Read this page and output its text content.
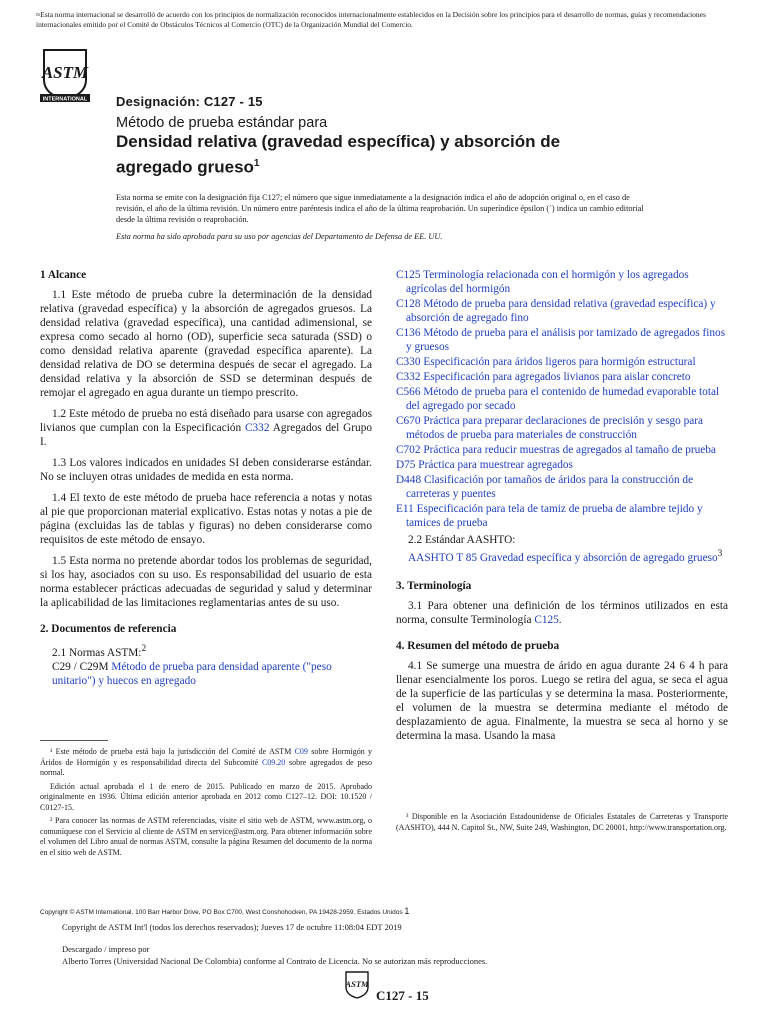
≈Esta norma internacional se desarrolló de acuerdo con los principios de normalización reconocidos internacionalmente establecidos en la Decisión sobre los principios para el desarrollo de normas, guías y recomendaciones internacionales emitido por el Comité de Obstáculos Técnicos al Comercio (OTC) de la Organización Mundial del Comercio.
ASTM
INTERNATIONAL Designación: C127 - 15
Método de prueba estándar para
Densidad relativa (gravedad específica) y absorción de agregado grueso$^1$
Esta norma se emite con la designación fija C127; el número que sigue inmediatamente a la designación indica el año de adopción original o, en el caso de revisión, el año de la última revisión. Un número entre paréntesis indica el año de la última reaprobación. Un superíndice épsilon (´) indica un cambio editorial desde la última revisión o reaprobación.
Esta norma ha sido aprobada para su uso por agencias del Departamento de Defensa de EE. UU.
1 Alcance

1.1 Este método de prueba cubre la determinación de la densidad relativa (gravedad específica) y la absorción de agregados gruesos. La densidad relativa (gravedad específica), una cantidad adimensional, se expresa como secado al horno (OD), superficie seca saturada (SSD) o como densidad relativa aparente (gravedad específica aparente). La densidad relativa de DO se determina después de secar el agregado. La densidad relativa y la absorción de SSD se determinan después de remojar el agregado en agua durante un tiempo prescrito.

1.2 Este método de prueba no está diseñado para usarse con agregados livianos que cumplan con la Especificación C332 Agregados del Grupo I.

1.3 Los valores indicados en unidades SI deben considerarse estándar. No se incluyen otras unidades de medida en esta norma.

1.4 El texto de este método de prueba hace referencia a notas y notas al pie que proporcionan material explicativo. Estas notas y notas a pie de página (excluidas las de tablas y figuras) no deben considerarse como requisitos de este método de ensayo.

1.5 Esta norma no pretende abordar todos los problemas de seguridad, si los hay, asociados con su uso. Es responsabilidad del usuario de esta norma establecer prácticas adecuadas de seguridad y salud y determinar la aplicabilidad de las limitaciones reglamentarias antes de su uso.

2. Documentos de referencia
2.1 Normas ASTM:$^2$
C29 / C29M Método de prueba para densidad aparente ("peso unitario") y huecos en agregado
C125 Terminología relacionada con el hormigón y los agregados agrícolas del hormigón
C128 Método de prueba para densidad relativa (gravedad específica) y absorción de agregado fino
C136 Método de prueba para el análisis por tamizado de agregados finos y gruesos
C330 Especificación para áridos ligeros para hormigón estructural
C332 Especificación para agregados livianos para aislar concreto
C566 Método de prueba para el contenido de humedad evaporable total del agregado por secado
C670 Práctica para preparar declaraciones de precisión y sesgo para métodos de prueba para materiales de construcción
C702 Práctica para reducir muestras de agregados al tamaño de prueba
D75 Práctica para muestrear agregados
D448 Clasificación por tamaños de áridos para la construcción de carreteras y puentes
E11 Especificación para tela de tamiz de prueba de alambre tejido y tamices de prueba
2.2 Estándar AASHTO:
AASHTO T 85 Gravedad específica y absorción de agregado grueso$^3$
3. Terminología

3.1 Para obtener una definición de los términos utilizados en esta norma, consulte Terminología C125.

4. Resumen del método de prueba

4.1 Se sumerge una muestra de árido en agua durante 24 6 4 h para llenar esencialmente los poros. Luego se retira del agua, se seca el agua de la superficie de las partículas y se determina la masa. Posteriormente, el volumen de la muestra se determina mediante el método de desplazamiento de agua. Finalmente, la muestra se seca al horno y se determina la masa. Usando la masa

¹ Este método de prueba está bajo la jurisdicción del Comité de ASTM C09 sobre Hormigón y Áridos de Hormigón y es responsabilidad directa del Subcomité C09.20 sobre agregados de peso normal.

Edición actual aprobada el 1 de enero de 2015. Publicado en marzo de 2015. Aprobado originalmente en 1936. Última edición anterior aprobada en 2012 como C127–12. DOI: 10.1520 / C0127-15.

² Para conocer las normas de ASTM referenciadas, visite el sitio web de ASTM, www.astm.org, o comuníquese con el Servicio al cliente de ASTM en service@astm.org. Para obtener información sobre el volumen del Libro anual de normas ASTM, consulte la página Resumen del documento de la norma en el sitio web de ASTM.

³ Disponible en la Asociación Estadounidense de Oficiales Estatales de Carreteras y Transporte (AASHTO), 444 N. Capitol St., NW, Suite 249, Washington, DC 20001, http://www.transportation.org.

Copyright © ASTM International, 100 Barr Harbor Drive, PO Box C700, West Conshohocken, PA 19428-2959. Estados Unidos 1
Copyright de ASTM Int'l (todos los derechos reservados); Jueves 17 de octubre 11:08:04 EDT 2019
Descargado / impreso por
Alberto Torres (Universidad Nacional De Colombia) conforme al Contrato de Licencia. No se autorizan más reproducciones.
ASTM
C127 - 15
